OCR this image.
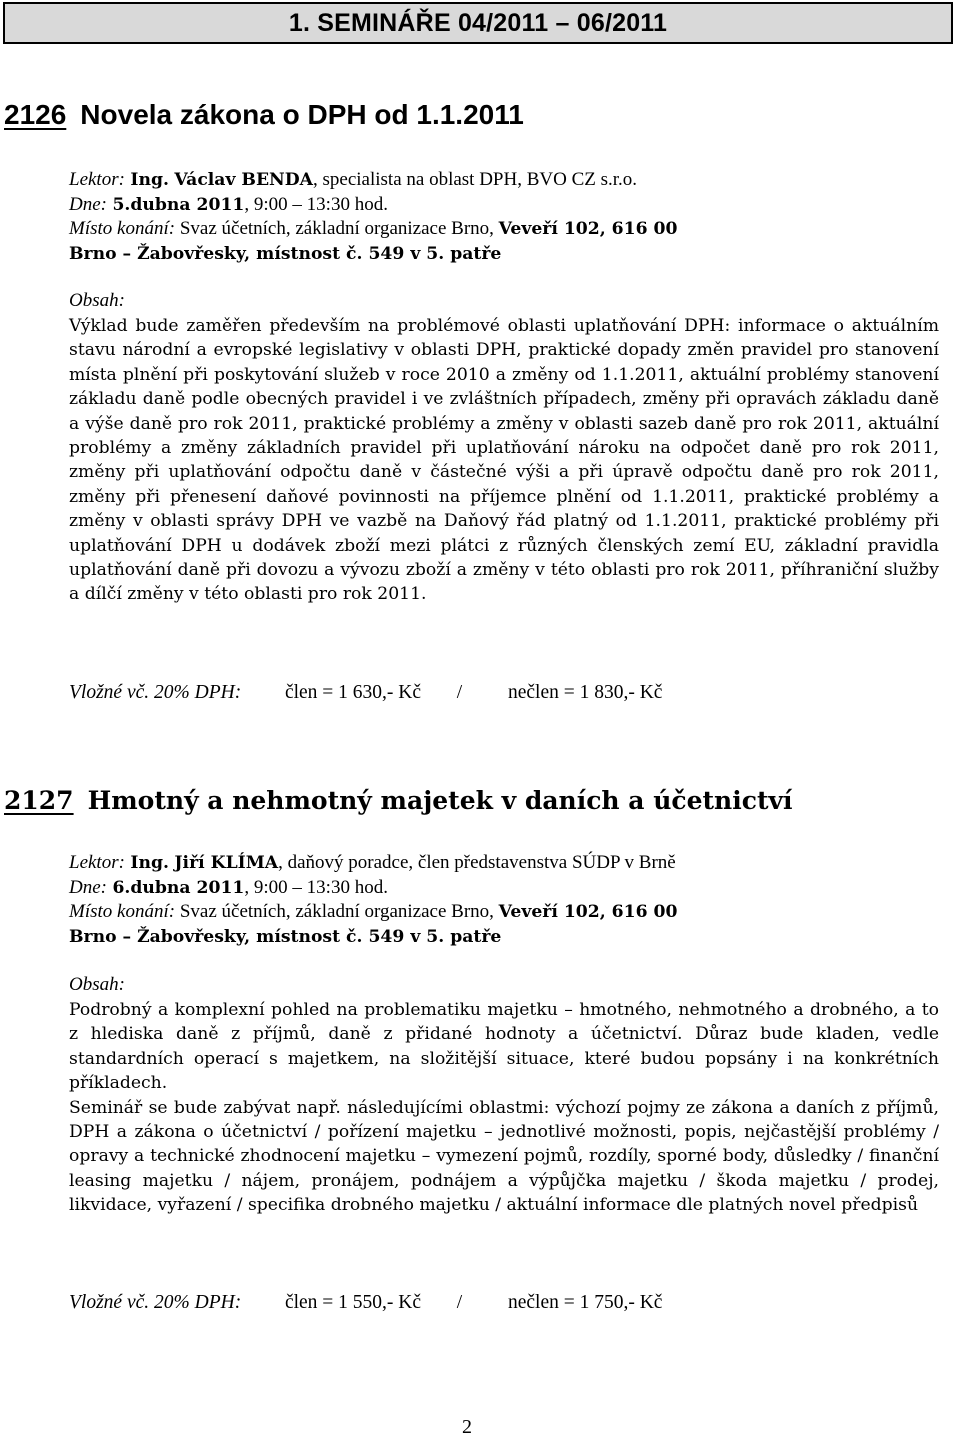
1. SEMINÁŘE 04/2011 – 06/2011
2126 Novela zákona o DPH od 1.1.2011
Lektor: Ing. Václav BENDA, specialista na oblast DPH, BVO CZ s.r.o.
Dne: 5.dubna 2011, 9:00 – 13:30 hod.
Místo konání: Svaz účetních, základní organizace Brno, Veveří 102, 616 00
Brno – Žabovřesky, místnost č. 549 v 5. patře
Obsah:

Výklad bude zaměřen především na problémové oblasti uplatňování DPH: informace o aktuálním stavu národní a evropské legislativy v oblasti DPH, praktické dopady změn pravidel pro stanovení místa plnění při poskytování služeb v roce 2010 a změny od 1.1.2011, aktuální problémy stanovení základu daně podle obecných pravidel i ve zvláštních případech, změny při opravách základu daně a výše daně pro rok 2011, praktické problémy a změny v oblasti sazeb daně pro rok 2011, aktuální problémy a změny základních pravidel při uplatňování nároku na odpočet daně pro rok 2011, změny při uplatňování odpočtu daně v částečné výši a při úpravě odpočtu daně pro rok 2011, změny při přenesení daňové povinnosti na příjemce plnění od 1.1.2011, praktické problémy a změny v oblasti správy DPH ve vazbě na Daňový řád platný od 1.1.2011, praktické problémy při uplatňování DPH u dodávek zboží mezi plátci z různých členských zemí EU, základní pravidla uplatňování daně při dovozu a vývozu zboží a změny v této oblasti pro rok 2011, příhraniční služby a dílčí změny v této oblasti pro rok 2011.

Vložné vč. 20% DPH: člen = 1 630,- Kč / nečlen = 1 830,- Kč
2127 Hmotný a nehmotný majetek v daních a účetnictví
Lektor: Ing. Jiří KLÍMA, daňový poradce, člen představenstva SÚDP v Brně
Dne: 6.dubna 2011, 9:00 – 13:30 hod.
Místo konání: Svaz účetních, základní organizace Brno, Veveří 102, 616 00
Brno – Žabovřesky, místnost č. 549 v 5. patře
Obsah:

Podrobný a komplexní pohled na problematiku majetku – hmotného, nehmotného a drobného, a to z hlediska daně z příjmů, daně z přidané hodnoty a účetnictví. Důraz bude kladen, vedle standardních operací s majetkem, na složitější situace, které budou popsány i na konkrétních příkladech.

Seminář se bude zabývat např. následujícími oblastmi: výchozí pojmy ze zákona a daních z příjmů, DPH a zákona o účetnictví / pořízení majetku – jednotlivé možnosti, popis, nejčastější problémy / opravy a technické zhodnocení majetku – vymezení pojmů, rozdíly, sporné body, důsledky / finanční leasing majetku / nájem, pronájem, podnájem a výpůjčka majetku / škoda majetku / prodej, likvidace, vyřazení / specifika drobného majetku / aktuální informace dle platných novel předpisů

Vložné vč. 20% DPH: člen = 1 550,- Kč / nečlen = 1 750,- Kč
2
